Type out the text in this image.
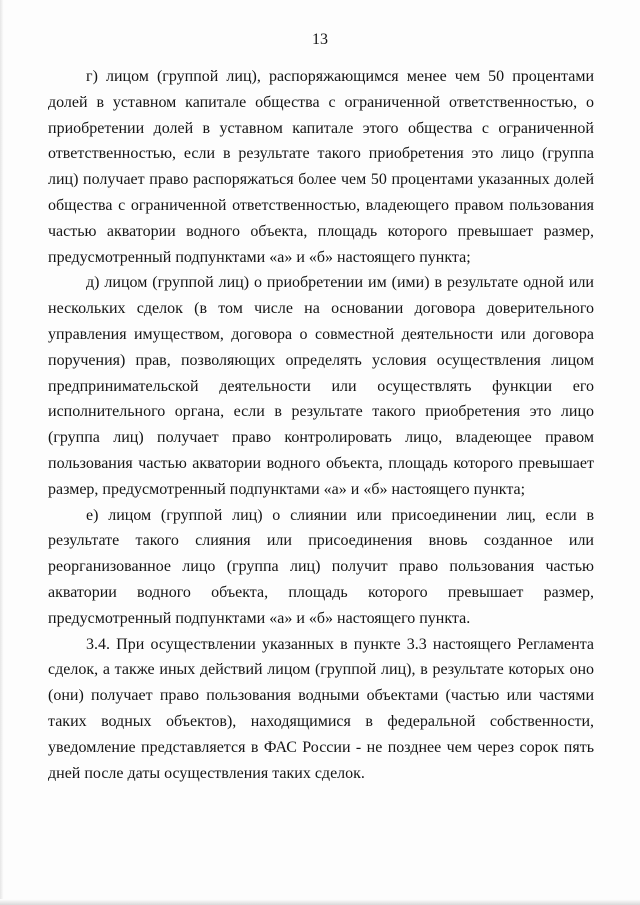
13

г) лицом (группой лиц), распоряжающимся менее чем 50 процентами долей в уставном капитале общества с ограниченной ответственностью, о приобретении долей в уставном капитале этого общества с ограниченной ответственностью, если в результате такого приобретения это лицо (группа лиц) получает право распоряжаться более чем 50 процентами указанных долей общества с ограниченной ответственностью, владеющего правом пользования частью акватории водного объекта, площадь которого превышает размер, предусмотренный подпунктами «а» и «б» настоящего пункта;

д) лицом (группой лиц) о приобретении им (ими) в результате одной или нескольких сделок (в том числе на основании договора доверительного управления имуществом, договора о совместной деятельности или договора поручения) прав, позволяющих определять условия осуществления лицом предпринимательской деятельности или осуществлять функции его исполнительного органа, если в результате такого приобретения это лицо (группа лиц) получает право контролировать лицо, владеющее правом пользования частью акватории водного объекта, площадь которого превышает размер, предусмотренный подпунктами «а» и «б» настоящего пункта;

е) лицом (группой лиц) о слиянии или присоединении лиц, если в результате такого слияния или присоединения вновь созданное или реорганизованное лицо (группа лиц) получит право пользования частью акватории водного объекта, площадь которого превышает размер, предусмотренный подпунктами «а» и «б» настоящего пункта.

3.4. При осуществлении указанных в пункте 3.3 настоящего Регламента сделок, а также иных действий лицом (группой лиц), в результате которых оно (они) получает право пользования водными объектами (частью или частями таких водных объектов), находящимися в федеральной собственности, уведомление представляется в ФАС России - не позднее чем через сорок пять дней после даты осуществления таких сделок.
